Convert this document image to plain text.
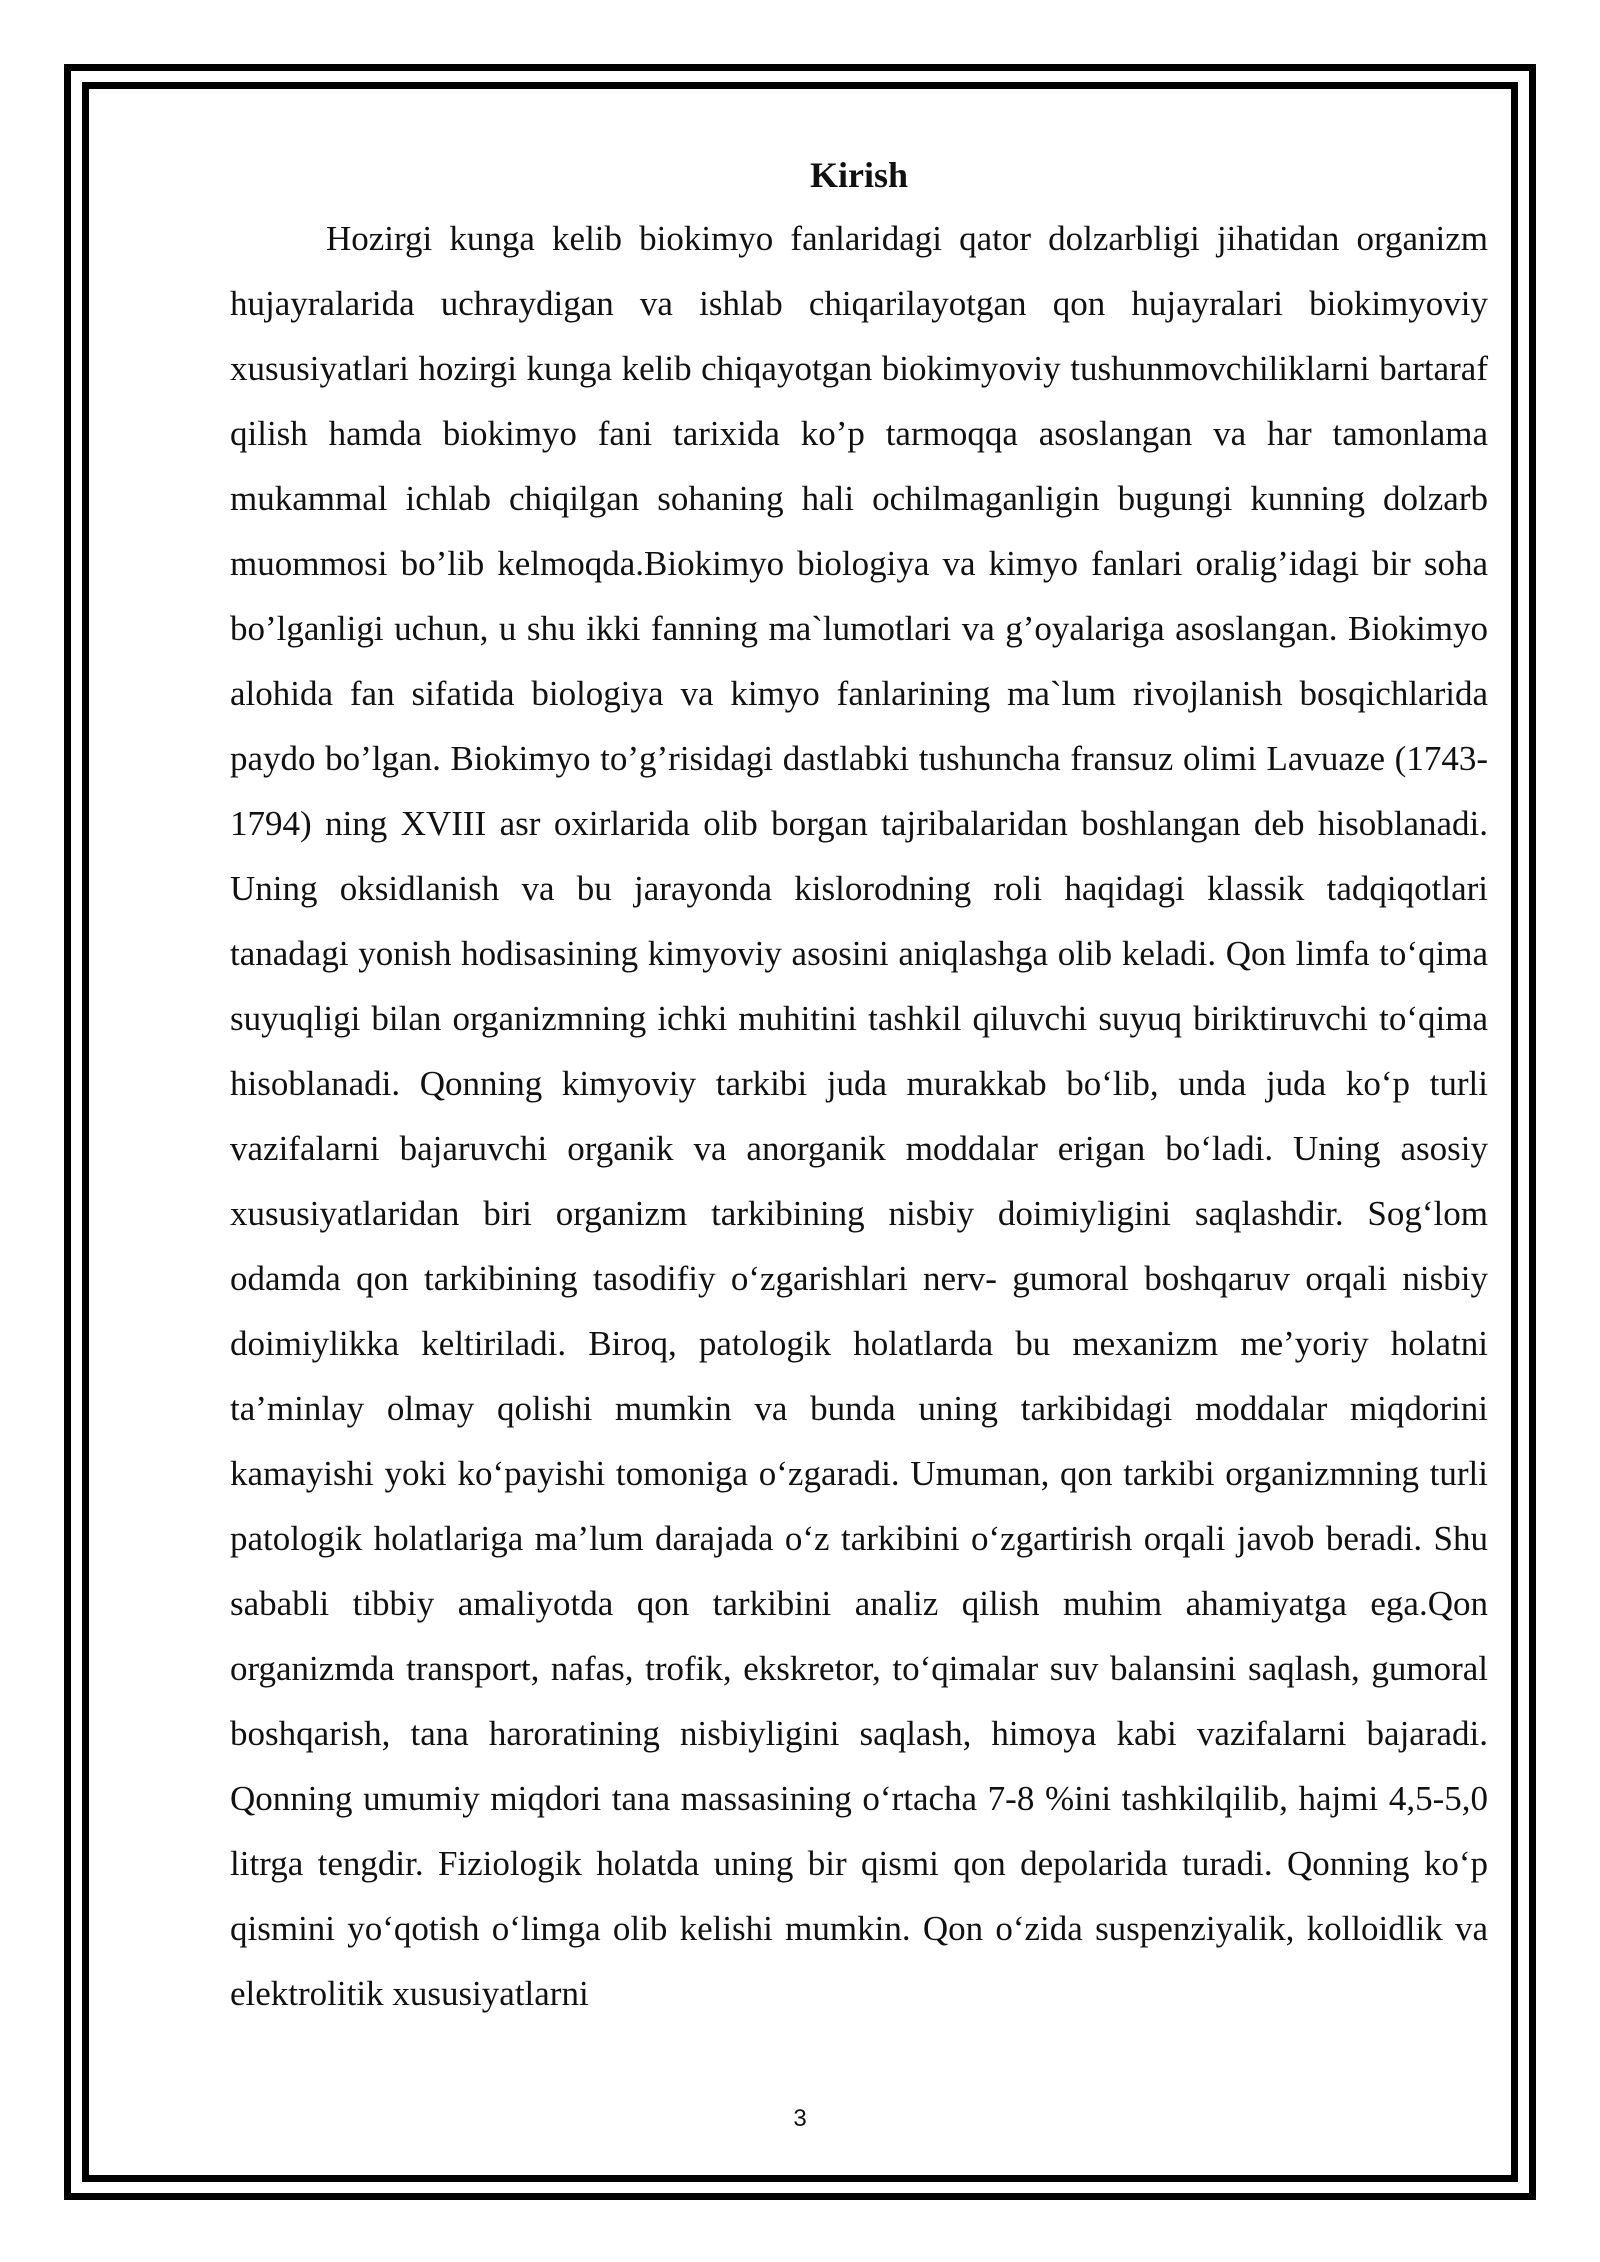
Kirish

Hozirgi kunga kelib biokimyo fanlaridagi qator dolzarbligi jihatidan organizm hujayralarida uchraydigan va ishlab chiqarilayotgan qon hujayralari biokimyoviy xususiyatlari hozirgi kunga kelib chiqayotgan biokimyoviy tushunmovchiliklarni bartaraf qilish hamda biokimyo fani tarixida ko’p tarmoqqa asoslangan va har tamonlama mukammal ichlab chiqilgan sohaning hali ochilmaganligin bugungi kunning dolzarb muommosi bo’lib kelmoqda.Biokimyo biologiya va kimyo fanlari oralig’idagi bir soha bo’lganligi uchun, u shu ikki fanning ma`lumotlari va g’oyalariga asoslangan. Biokimyo alohida fan sifatida biologiya va kimyo fanlarining ma`lum rivojlanish bosqichlarida paydo bo’lgan. Biokimyo to’g’risidagi dastlabki tushuncha fransuz olimi Lavuaze (1743-1794) ning XVIII asr oxirlarida olib borgan tajribalaridan boshlangan deb hisoblanadi. Uning oksidlanish va bu jarayonda kislorodning roli haqidagi klassik tadqiqotlari tanadagi yonish hodisasining kimyoviy asosini aniqlashga olib keladi. Qon limfa to‘qima suyuqligi bilan organizmning ichki muhitini tashkil qiluvchi suyuq biriktiruvchi to‘qima hisoblanadi. Qonning kimyoviy tarkibi juda murakkab bo‘lib, unda juda ko‘p turli vazifalarni bajaruvchi organik va anorganik moddalar erigan bo‘ladi. Uning asosiy xususiyatlaridan biri organizm tarkibining nisbiy doimiyligini saqlashdir. Sog‘lom odamda qon tarkibining tasodifiy o‘zgarishlari nerv- gumoral boshqaruv orqali nisbiy doimiylikka keltiriladi. Biroq, patologik holatlarda bu mexanizm me’yoriy holatni ta’minlay olmay qolishi mumkin va bunda uning tarkibidagi moddalar miqdorini kamayishi yoki ko‘payishi tomoniga o‘zgaradi. Umuman, qon tarkibi organizmning turli patologik holatlariga ma’lum darajada o‘z tarkibini o‘zgartirish orqali javob beradi. Shu sababli tibbiy amaliyotda qon tarkibini analiz qilish muhim ahamiyatga ega.Qon organizmda transport, nafas, trofik, ekskretor, to‘qimalar suv balansini saqlash, gumoral boshqarish, tana haroratining nisbiyligini saqlash, himoya kabi vazifalarni bajaradi. Qonning umumiy miqdori tana massasining o‘rtacha 7-8 %ini tashkilqilib, hajmi 4,5-5,0 litrga tengdir. Fiziologik holatda uning bir qismi qon depolarida turadi. Qonning ko‘p qismini yo‘qotish o‘limga olib kelishi mumkin. Qon o‘zida suspenziyalik, kolloidlik va elektrolitik xususiyatlarni

3
